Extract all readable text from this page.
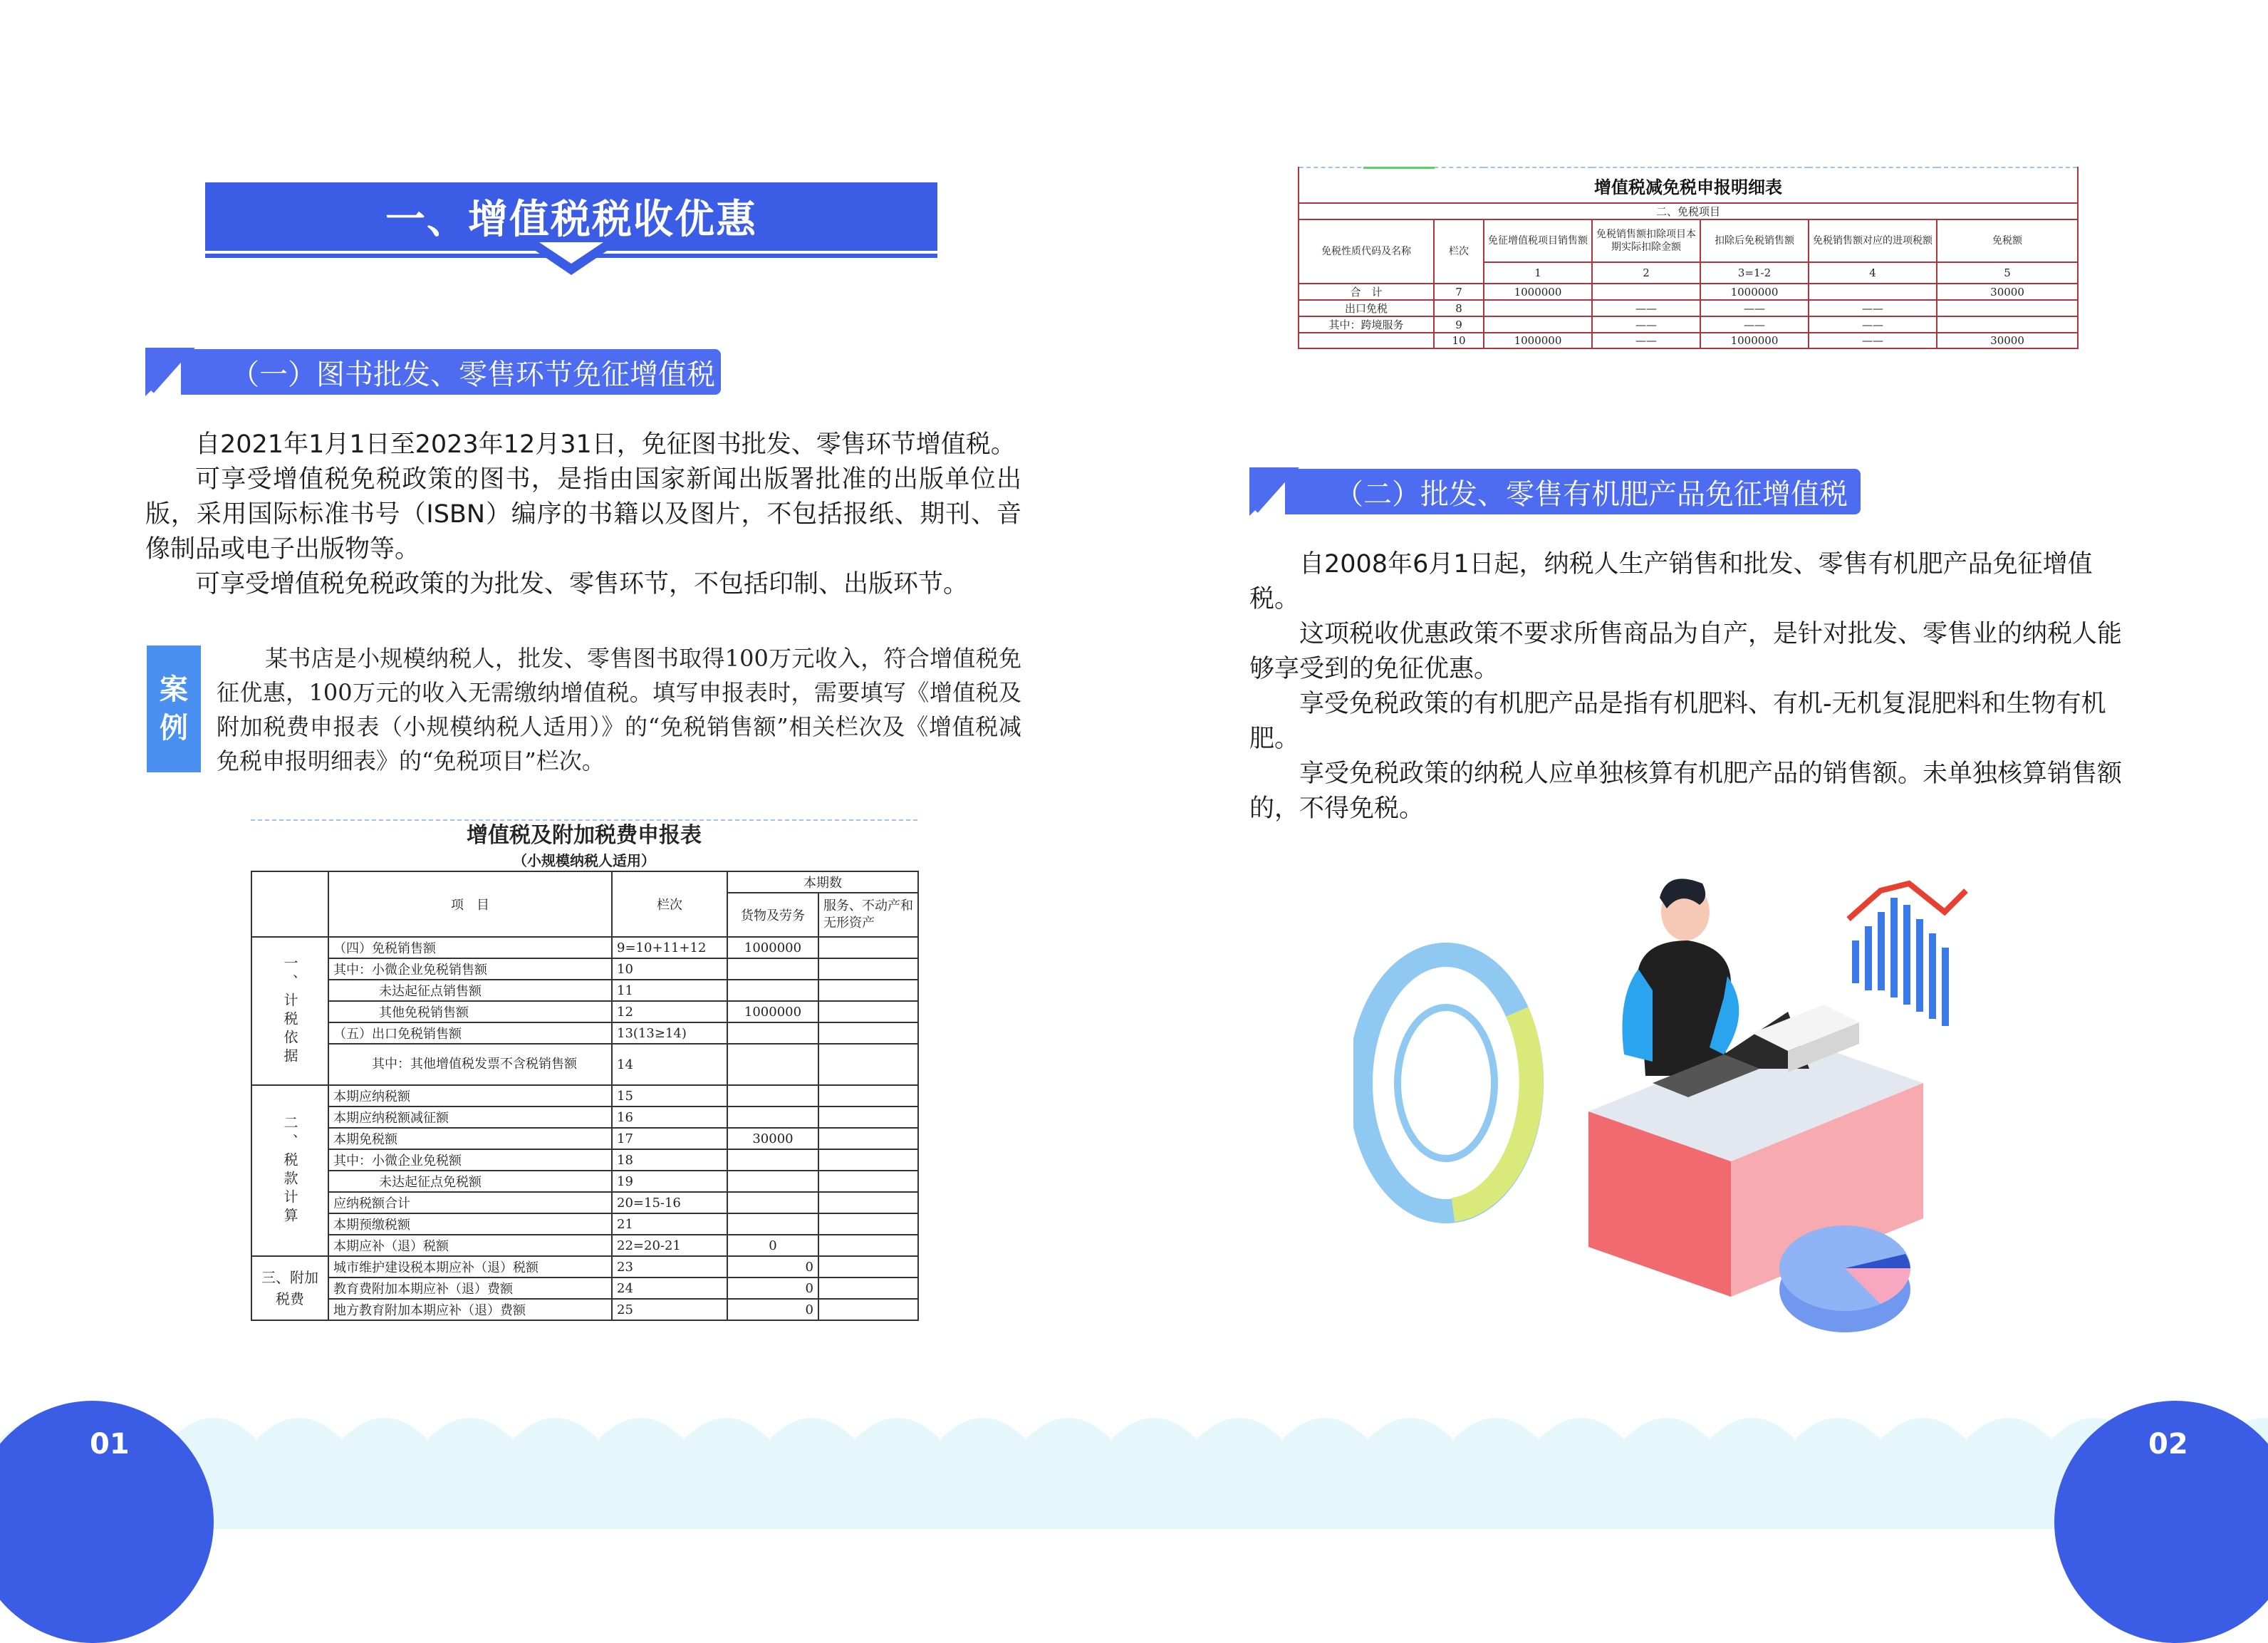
一、增值税税收优惠
（一）图书批发、零售环节免征增值税

自2021年1月1日至2023年12月31日，免征图书批发、零售环节增值税。

可享受增值税免税政策的图书，是指由国家新闻出版署批准的出版单位出版，采用国际标准书号（ISBN）编序的书籍以及图片，不包括报纸、期刊、音像制品或电子出版物等。

可享受增值税免税政策的为批发、零售环节，不包括印制、出版环节。

案
例
某书店是小规模纳税人，批发、零售图书取得100万元收入，符合增值税免征优惠，100万元的收入无需缴纳增值税。填写申报表时，需要填写《增值税及附加税费申报表（小规模纳税人适用）》的“免税销售额”相关栏次及《增值税减免税申报明细表》的“免税项目”栏次。
增值税及附加税费申报表
（小规模纳税人适用）
	项　目	栏次	本期数	
			货物及劳务	服务、不动产和无形资产
一、计税依据	（四）免税销售额	9=10+11+12	1000000	
	其中：小微企业免税销售额	10		
	未达起征点销售额	11		
	其他免税销售额	12	1000000	
	（五）出口免税销售额	13(13≥14)		
	其中：其他增值税发票不含税销售额	14		
二、税款计算	本期应纳税额	15		
	本期应纳税额减征额	16		
	本期免税额	17	30000	
	其中：小微企业免税额	18		
	未达起征点免税额	19		
	应纳税额合计	20=15-16		
	本期预缴税额	21		
	本期应补（退）税额	22=20-21	0	
三、附加税费	城市维护建设税本期应补（退）税额	23	0	
	教育费附加本期应补（退）费额	24	0	
	地方教育附加本期应补（退）费额	25	0	
增值税减免税申报明细表						
二、免税项目						
免税性质代码及名称	栏次	免征增值税项目销售额	免税销售额扣除项目本期实际扣除金额	扣除后免税销售额	免税销售额对应的进项税额	免税额
		1	2	3=1-2	4	5
合　计	7	1000000		1000000		30000
出口免税	8		——	——	——	
其中：跨境服务	9		——	——	——	
	10	1000000	——	1000000	——	30000
（二）批发、零售有机肥产品免征增值税

自2008年6月1日起，纳税人生产销售和批发、零售有机肥产品免征增值税。

这项税收优惠政策不要求所售商品为自产，是针对批发、零售业的纳税人能够享受到的免征优惠。

享受免税政策的有机肥产品是指有机肥料、有机-无机复混肥料和生物有机肥。

享受免税政策的纳税人应单独核算有机肥产品的销售额。未单独核算销售额的，不得免税。

01	02
